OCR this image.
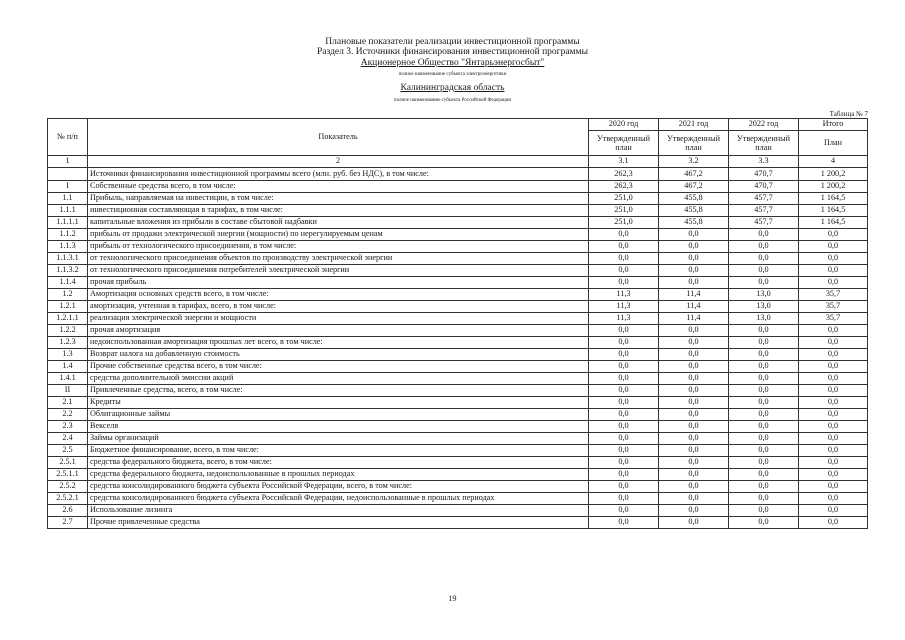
Плановые показатели реализации инвестиционной программы
Раздел 3. Источники финансирования инвестиционной программы
Акционерное Общество "Янтарьэнергосбыт"
полное наименование субъекта электроэнергетики
Калининградская область
полное наименование субъекта Российской Федерации
Таблица № 7
№ п/п	Показатель	2020 год	2021 год	2022 год	Итого
		Утвержденный план	Утвержденный план	Утвержденный план	План
1	2	3.1	3.2	3.3	4
	Источники финансирования инвестиционной программы всего (млн. руб. без НДС), в том числе:	262,3	467,2	470,7	1 200,2
I	Собственные средства всего, в том числе:	262,3	467,2	470,7	1 200,2
1.1	Прибыль, направляемая на инвестиции, в том числе:	251,0	455,8	457,7	1 164,5
1.1.1	инвестиционная составляющая в тарифах, в том числе:	251,0	455,8	457,7	1 164,5
1.1.1.1	капитальные вложения из прибыли в составе сбытовой надбавки	251,0	455,8	457,7	1 164,5
1.1.2	прибыль от продажи электрической энергии (мощности) по нерегулируемым ценам	0,0	0,0	0,0	0,0
1.1.3	прибыль от технологического присоединения, в том числе:	0,0	0,0	0,0	0,0
1.1.3.1	от технологического присоединения объектов по производству электрической энергии	0,0	0,0	0,0	0,0
1.1.3.2	от технологического присоединения потребителей электрической энергии	0,0	0,0	0,0	0,0
1.1.4	прочая прибыль	0,0	0,0	0,0	0,0
1.2	Амортизация основных средств всего, в том числе:	11,3	11,4	13,0	35,7
1.2.1	амортизация, учтенная в тарифах, всего, в том числе:	11,3	11,4	13,0	35,7
1.2.1.1	реализация электрической энергии и мощности	11,3	11,4	13,0	35,7
1.2.2	прочая амортизация	0,0	0,0	0,0	0,0
1.2.3	недоиспользованная амортизация прошлых лет всего, в том числе:	0,0	0,0	0,0	0,0
1.3	Возврат налога на добавленную стоимость	0,0	0,0	0,0	0,0
1.4	Прочие собственные средства всего, в том числе:	0,0	0,0	0,0	0,0
1.4.1	средства дополнительной эмиссии акций	0,0	0,0	0,0	0,0
II	Привлеченные средства, всего, в том числе:	0,0	0,0	0,0	0,0
2.1	Кредиты	0,0	0,0	0,0	0,0
2.2	Облигационные займы	0,0	0,0	0,0	0,0
2.3	Векселя	0,0	0,0	0,0	0,0
2.4	Займы организаций	0,0	0,0	0,0	0,0
2.5	Бюджетное финансирование, всего, в том числе:	0,0	0,0	0,0	0,0
2.5.1	средства федерального бюджета, всего, в том числе:	0,0	0,0	0,0	0,0
2.5.1.1	средства федерального бюджета, недоиспользованные в прошлых периодах	0,0	0,0	0,0	0,0
2.5.2	средства консолидированного бюджета субъекта Российской Федерации, всего, в том числе:	0,0	0,0	0,0	0,0
2.5.2.1	средства консолидированного бюджета субъекта Российской Федерации, недоиспользованные в прошлых периодах	0,0	0,0	0,0	0,0
2.6	Использование лизинга	0,0	0,0	0,0	0,0
2.7	Прочие привлеченные средства	0,0	0,0	0,0	0,0
19
